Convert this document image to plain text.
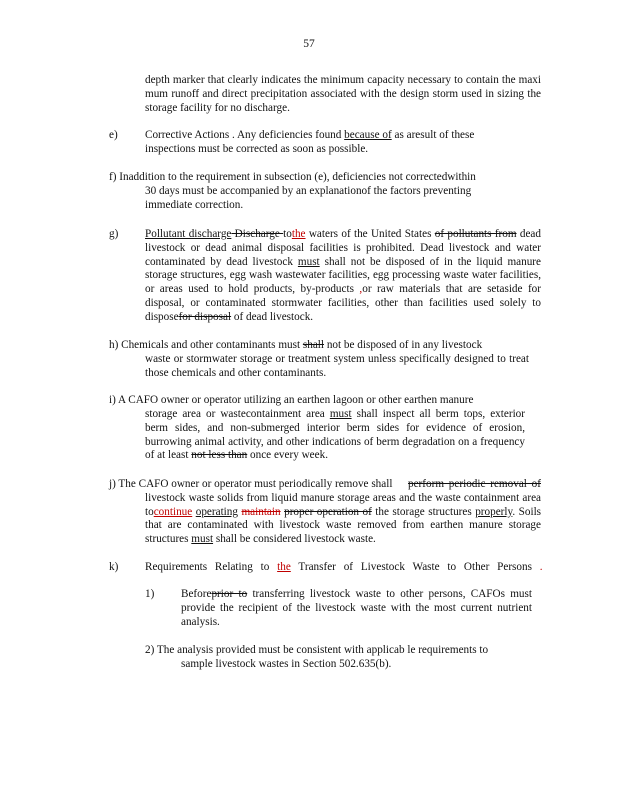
57
depth marker that clearly indicates the minimum capacity necessary to contain the maxi mum runoff and direct precipitation associated with the design storm used in sizing the storage facility for no discharge.
e) Corrective Actions . Any deficiencies found because of as aresult of these inspections must be corrected as soon as possible.
f) Inaddition to the requirement in subsection (e), deficiencies not correctedwithin
30 days must be accompanied by an explanationof the factors preventing immediate correction.
g) Pollutant discharge Discharge tothe waters of the United States of pollutants from dead livestock or dead animal disposal facilities is prohibited. Dead livestock and water contaminated by dead livestock must shall not be disposed of in the liquid manure storage structures, egg wash wastewater facilities, egg processing waste water facilities, or areas used to hold products, by-products ,or raw materials that are setaside for disposal, or contaminated stormwater facilities, other than facilities used solely to disposefor disposal of dead livestock.
h) Chemicals and other contaminants must shall not be disposed of in any livestock
waste or stormwater storage or treatment system unless specifically designed to treat those chemicals and other contaminants.
i) A CAFO owner or operator utilizing an earthen lagoon or other earthen manure
storage area or wastecontainment area must shall inspect all berm tops, exterior berm sides, and non-submerged interior berm sides for evidence of erosion, burrowing animal activity, and other indications of berm degradation on a frequency of at least not less than once every week.
j) The CAFO owner or operator must periodically remove shall	perform periodic removal of livestock waste solids from liquid manure storage areas and the waste containment area tocontinue operating maintain proper operation of the storage structures properly. Soils that are contaminated with livestock waste removed from earthen manure storage structures must shall be considered livestock waste.
k) Requirements Relating to the Transfer of Livestock Waste to Other Persons .
1) Beforeprior to transferring livestock waste to other persons, CAFOs must provide the recipient of the livestock waste with the most current nutrient analysis.
2) The analysis provided must be consistent with applicab le requirements to
sample livestock wastes in Section 502.635(b).
